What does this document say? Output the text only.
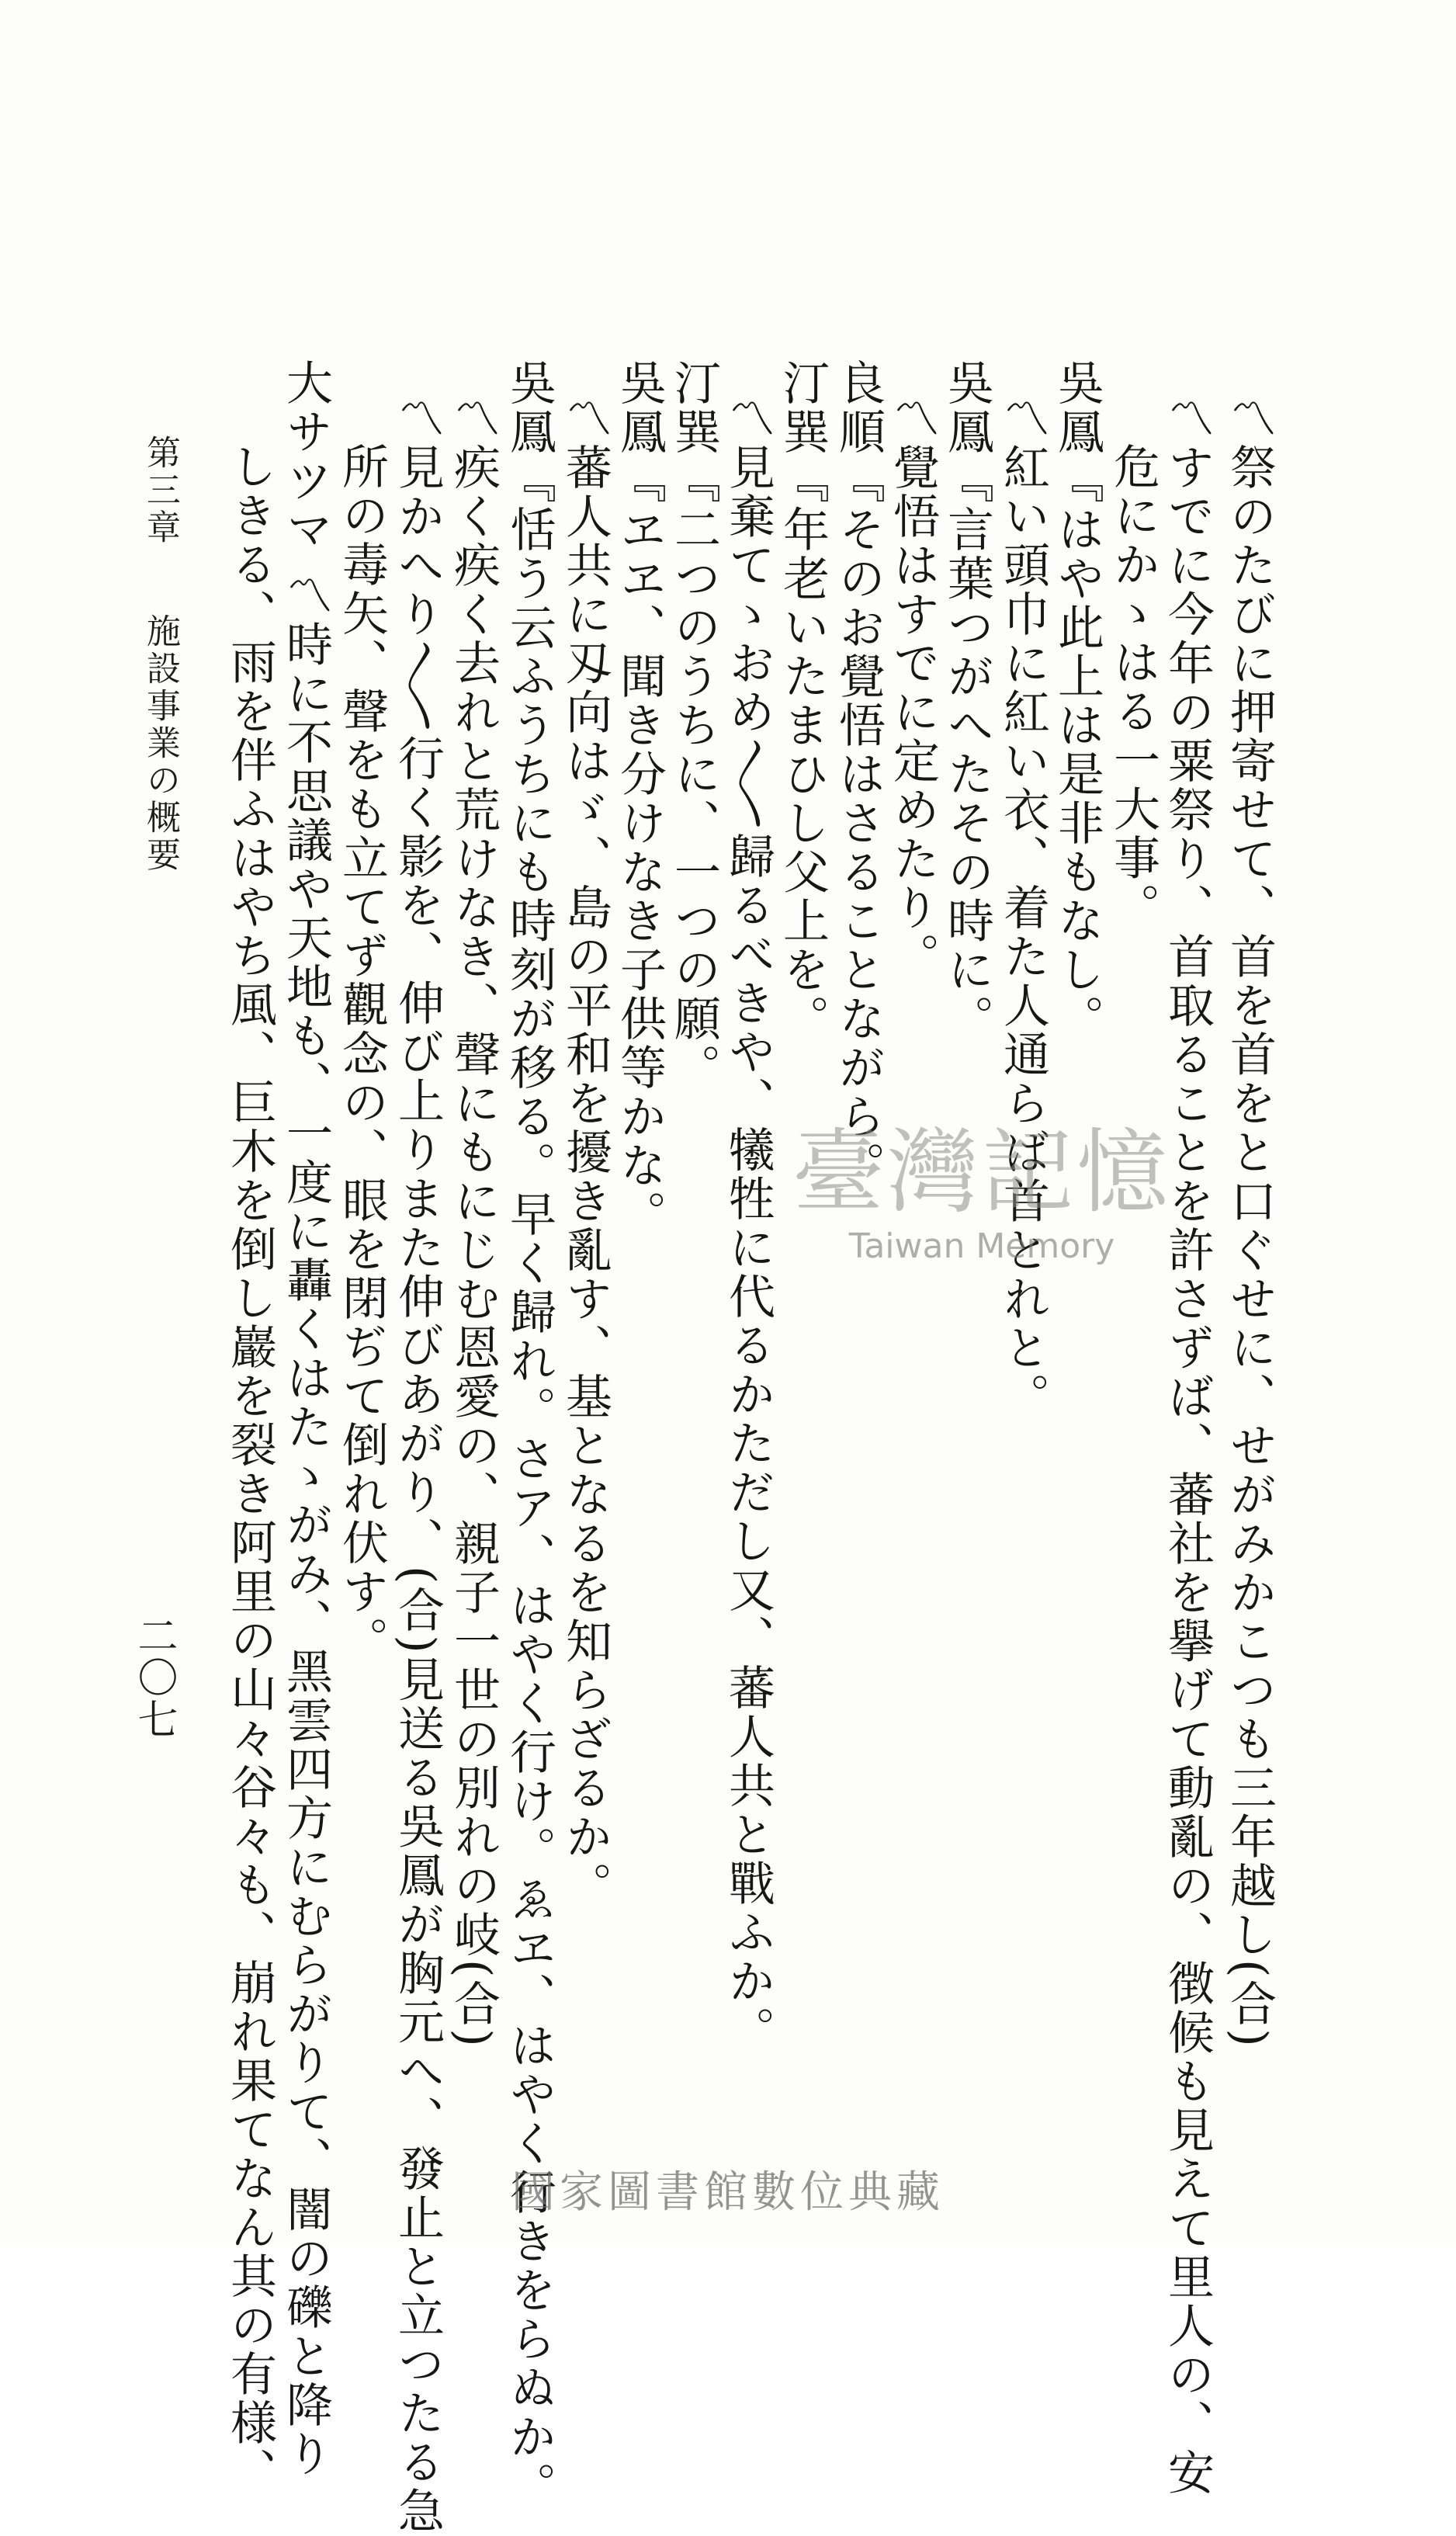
〽祭のたびに押寄せて、首を首をと口ぐせに、せがみかこつも三年越し(合)
〽すでに今年の粟祭り、首取ることを許さずば、蕃社を擧げて動亂の、徴候も見えて里人の、安
危にかゝはる一大事。
吳鳳『はや此上は是非もなし。
〽紅い頭巾に紅い衣、着た人通らば首とれと。
吳鳳『言葉つがへたその時に。
〽覺悟はすでに定めたり。
良順『そのお覺悟はさることながら。
汀巽『年老いたまひし父上を。
〽見棄てゝおめ〳〵歸るべきや、犧牲に代るかただし又、蕃人共と戰ふか。
汀巽『二つのうちに、一つの願。
吳鳳『ヱヱ、聞き分けなき子供等かな。
〽蕃人共に刄向はゞ、島の平和を擾き亂す、基となるを知らざるか。
吳鳳『恬う云ふうちにも時刻が移る。早く歸れ。さア、はやく行け。ゑヱ、はやく行きをらぬか。
〽疾く疾く去れと荒けなき、聲にもにじむ恩愛の、親子一世の別れの岐(合)
〽見かへり〳〵行く影を、伸び上りまた伸びあがり、(合)見送る吳鳳が胸元へ、發止と立つたる急
所の毒矢、聲をも立てず觀念の、眼を閉ぢて倒れ伏す。
大サツマ 〽時に不思議や天地も、一度に轟くはたゝがみ、黑雲四方にむらがりて、闇の礫と降り
しきる、雨を伴ふはやち風、巨木を倒し巖を裂き阿里の山々谷々も、崩れ果てなん其の有様、
第三章
施設事業の概要
二〇七
臺灣記憶
Taiwan Memory
國家圖書館數位典藏
